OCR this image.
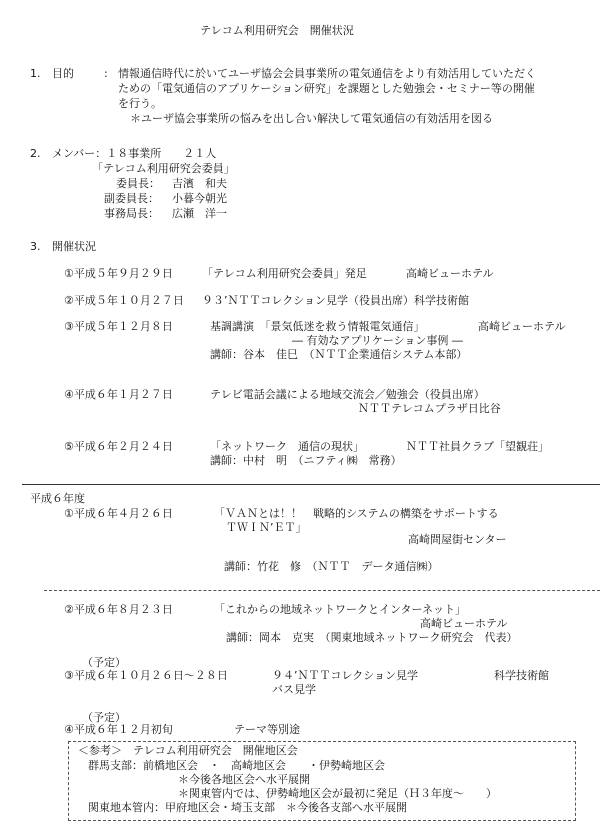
テレコム利用研究会　開催状況
1. 目的	: 情報通信時代に於いてユーザ協会会員事業所の電気通信をより有効活用していただく
ための「電気通信のアプリケーション研究」を課題とした勉強会・セミナー等の開催
を行う。
＊ユーザ協会事業所の悩みを出し合い解決して電気通信の有効活用を図る
2. メンバー：１８事業所　　２１人
「テレコム利用研究会委員」
委員長： 吉濱　和夫
副委員長： 小暮今朝光
事務局長： 広瀬　洋一
3. 開催状況
①平成５年９月２９日	「テレコム利用研究会委員」発足	高崎ビューホテル
②平成５年１０月２７日 ９３’ＮＴＴコレクション見学（役員出席）科学技術館
③平成５年１２月８日	基調講演　「景気低迷を救う情報電気通信」	高崎ビューホテル
― 有効なアプリケーション事例 ―
講師：谷本　佳巳　（ＮＴＴ企業通信システム本部）
④平成６年１月２７日	テレビ電話会議による地域交流会／勉強会（役員出席）
ＮＴＴテレコムプラザ日比谷
⑤平成６年２月２４日	「ネットワーク　通信の現状」	ＮＴＴ社員クラブ「望観荘」
講師：中村　明　（ニフティ㈱　常務）
平成６年度
①平成６年４月２６日	「ＶＡＮとは！！　戦略的システムの構築をサポートする
ＴＷＩＮ’ＥＴ」
高崎問屋街センター
講師：竹花　修　（ＮＴＴ　データ通信㈱）
②平成６年８月２３日	「これからの地域ネットワークとインターネット」
高崎ビューホテル
講師：岡本　克実　（関東地域ネットワーク研究会　代表）
（予定）
③平成６年１０月２６日～２８日	９４’ＮＴＴコレクション見学	科学技術館
バス見学
（予定）
④平成６年１２月初旬	テーマ等別途
＜参考＞　テレコム利用研究会　開催地区会
群馬支部：前橋地区会　・　高崎地区会　　・伊勢崎地区会
＊今後各地区会へ水平展開
＊関東管内では、伊勢崎地区会が最初に発足（Ｈ３年度～　　）
関東地本管内：甲府地区会・埼玉支部　＊今後各支部へ水平展開
